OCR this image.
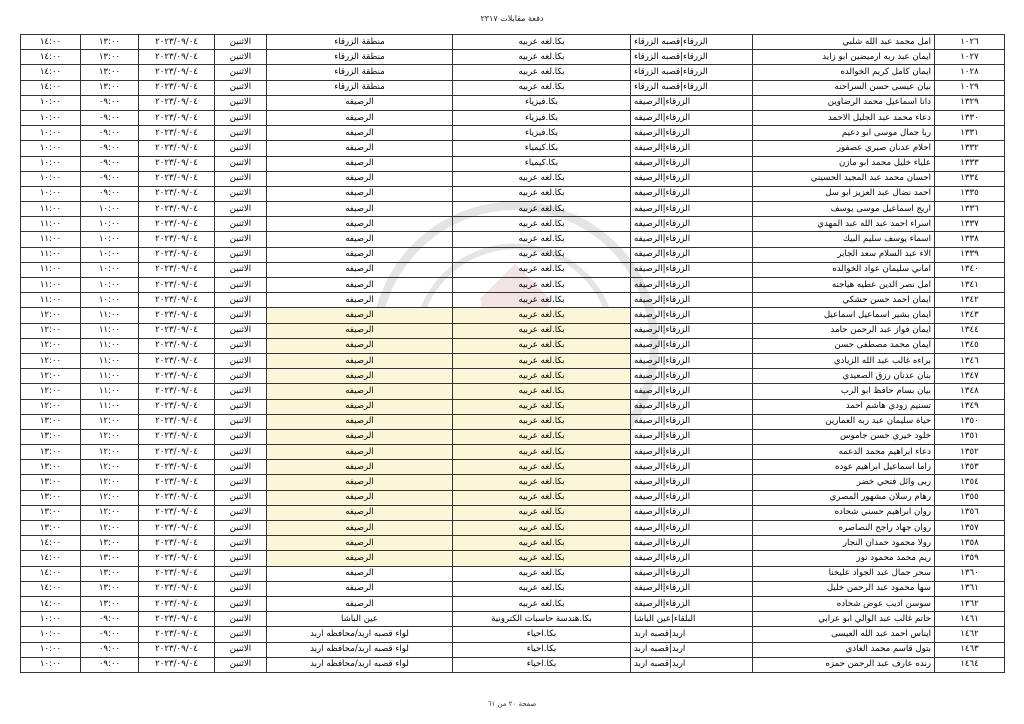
دفعة مقابلات ٢٣١٧
١٤:٠٠	١٣:٠٠	٢٠٢٣/٠٩/٠٤	الاثنين	منطقة الزرقاء	بكا.لغه عربيه	الزرقاء|قصبه الزرقاء	امل محمد عبد الله شلبي	١٠٢٦
١٤:٠٠	١٣:٠٠	٢٠٢٣/٠٩/٠٤	الاثنين	منطقة الزرقاء	بكا.لغه عربيه	الزرقاء|قصبه الزرقاء	ايمان عبد ربه ارميضين ابو زايد	١٠٢٧
١٤:٠٠	١٣:٠٠	٢٠٢٣/٠٩/٠٤	الاثنين	منطقة الزرقاء	بكا.لغه عربيه	الزرقاء|قصبه الزرقاء	ايمان كامل كريم الخوالده	١٠٢٨
١٤:٠٠	١٣:٠٠	٢٠٢٣/٠٩/٠٤	الاثنين	منطقة الزرقاء	بكا.لغه عربيه	الزرقاء|قصبه الزرقاء	بيان عيسى حسن السراحنه	١٠٢٩
١٠:٠٠	٠٩:٠٠	٢٠٢٣/٠٩/٠٤	الاثنين	الرصيفه	بكا.فيزياء	الزرقاء|الرصيفه	دانا اسماعيل محمد الرضاوين	١٣٢٩
١٠:٠٠	٠٩:٠٠	٢٠٢٣/٠٩/٠٤	الاثنين	الرصيفه	بكا.فيزياء	الزرقاء|الرصيفه	دعاء محمد عبد الجليل الاحمد	١٣٣٠
١٠:٠٠	٠٩:٠٠	٢٠٢٣/٠٩/٠٤	الاثنين	الرصيفه	بكا.فيزياء	الزرقاء|الرصيفه	ربا جمال موسى ابو دعيم	١٣٣١
١٠:٠٠	٠٩:٠٠	٢٠٢٣/٠٩/٠٤	الاثنين	الرصيفه	بكا.كيمياء	الزرقاء|الرصيفه	احلام عدنان صبري عصفور	١٣٣٢
١٠:٠٠	٠٩:٠٠	٢٠٢٣/٠٩/٠٤	الاثنين	الرصيفه	بكا.كيمياء	الزرقاء|الرصيفه	علياء خليل محمد ابو مازن	١٣٣٣
١٠:٠٠	٠٩:٠٠	٢٠٢٣/٠٩/٠٤	الاثنين	الرصيفه	بكا.لغه عربيه	الزرقاء|الرصيفه	احسان محمد عبد المجيد الحسيني	١٣٣٤
١٠:٠٠	٠٩:٠٠	٢٠٢٣/٠٩/٠٤	الاثنين	الرصيفه	بكا.لغه عربيه	الزرقاء|الرصيفه	احمد نضال عبد العزيز ابو سل	١٣٣٥
١١:٠٠	١٠:٠٠	٢٠٢٣/٠٩/٠٤	الاثنين	الرصيفه	بكا.لغه عربيه	الزرقاء|الرصيفه	اريج اسماعيل موسى يوسف	١٣٣٦
١١:٠٠	١٠:٠٠	٢٠٢٣/٠٩/٠٤	الاثنين	الرصيفه	بكا.لغه عربيه	الزرقاء|الرصيفه	اسراء احمد عبد الله عبد المهدي	١٣٣٧
١١:٠٠	١٠:٠٠	٢٠٢٣/٠٩/٠٤	الاثنين	الرصيفه	بكا.لغه عربيه	الزرقاء|الرصيفه	اسماء يوسف سليم البيك	١٣٣٨
١١:٠٠	١٠:٠٠	٢٠٢٣/٠٩/٠٤	الاثنين	الرصيفه	بكا.لغه عربيه	الزرقاء|الرصيفه	الاء عبد السلام سعد الجابر	١٣٣٩
١١:٠٠	١٠:٠٠	٢٠٢٣/٠٩/٠٤	الاثنين	الرصيفه	بكا.لغه عربيه	الزرقاء|الرصيفه	اماني سليمان عواد الخوالده	١٣٤٠
١١:٠٠	١٠:٠٠	٢٠٢٣/٠٩/٠٤	الاثنين	الرصيفه	بكا.لغه عربيه	الزرقاء|الرصيفه	امل نصر الدين عطيه هياجنه	١٣٤١
١١:٠٠	١٠:٠٠	٢٠٢٣/٠٩/٠٤	الاثنين	الرصيفه	بكا.لغه عربيه	الزرقاء|الرصيفه	ايمان احمد حسن حشكي	١٣٤٢
١٢:٠٠	١١:٠٠	٢٠٢٣/٠٩/٠٤	الاثنين	الرصيفه	بكا.لغه عربيه	الزرقاء|الرصيفه	ايمان بشير اسماعيل اسماعيل	١٣٤٣
١٢:٠٠	١١:٠٠	٢٠٢٣/٠٩/٠٤	الاثنين	الرصيفه	بكا.لغه عربيه	الزرقاء|الرصيفه	ايمان فواز عبد الرحمن حامد	١٣٤٤
١٢:٠٠	١١:٠٠	٢٠٢٣/٠٩/٠٤	الاثنين	الرصيفه	بكا.لغه عربيه	الزرقاء|الرصيفه	ايمان محمد مصطفى حسن	١٣٤٥
١٢:٠٠	١١:٠٠	٢٠٢٣/٠٩/٠٤	الاثنين	الرصيفه	بكا.لغه عربيه	الزرقاء|الرصيفه	براءه غالب عبد الله الزيادي	١٣٤٦
١٢:٠٠	١١:٠٠	٢٠٢٣/٠٩/٠٤	الاثنين	الرصيفه	بكا.لغه عربيه	الزرقاء|الرصيفه	بنان عدنان رزق الصعيدي	١٣٤٧
١٢:٠٠	١١:٠٠	٢٠٢٣/٠٩/٠٤	الاثنين	الرصيفه	بكا.لغه عربيه	الزرقاء|الرصيفه	بيان بسام حافظ ابو الرب	١٣٤٨
١٢:٠٠	١١:٠٠	٢٠٢٣/٠٩/٠٤	الاثنين	الرصيفه	بكا.لغه عربيه	الزرقاء|الرصيفه	تسنيم زودي هاشم احمد	١٣٤٩
١٣:٠٠	١٢:٠٠	٢٠٢٣/٠٩/٠٤	الاثنين	الرصيفه	بكا.لغه عربيه	الزرقاء|الرصيفه	حياة سليمان عبد ربه العمارين	١٣٥٠
١٣:٠٠	١٢:٠٠	٢٠٢٣/٠٩/٠٤	الاثنين	الرصيفه	بكا.لغه عربيه	الزرقاء|الرصيفه	خلود خيري حسن جاموس	١٣٥١
١٣:٠٠	١٢:٠٠	٢٠٢٣/٠٩/٠٤	الاثنين	الرصيفه	بكا.لغه عربيه	الزرقاء|الرصيفه	دعاء ابراهيم محمد الدعمه	١٣٥٢
١٣:٠٠	١٢:٠٠	٢٠٢٣/٠٩/٠٤	الاثنين	الرصيفه	بكا.لغه عربيه	الزرقاء|الرصيفه	راما اسماعيل ابراهيم عوده	١٣٥٣
١٣:٠٠	١٢:٠٠	٢٠٢٣/٠٩/٠٤	الاثنين	الرصيفه	بكا.لغه عربيه	الزرقاء|الرصيفه	ربى وائل فتحي خضر	١٣٥٤
١٣:٠٠	١٢:٠٠	٢٠٢٣/٠٩/٠٤	الاثنين	الرصيفه	بكا.لغه عربيه	الزرقاء|الرصيفه	رهام رسلان مشهور المصري	١٣٥٥
١٣:٠٠	١٢:٠٠	٢٠٢٣/٠٩/٠٤	الاثنين	الرصيفه	بكا.لغه عربيه	الزرقاء|الرصيفه	روان ابراهيم حسني شحاده	١٣٥٦
١٣:٠٠	١٢:٠٠	٢٠٢٣/٠٩/٠٤	الاثنين	الرصيفه	بكا.لغه عربيه	الزرقاء|الرصيفه	روان جهاد راجح النصاصره	١٣٥٧
١٤:٠٠	١٣:٠٠	٢٠٢٣/٠٩/٠٤	الاثنين	الرصيفه	بكا.لغه عربيه	الزرقاء|الرصيفه	رولا محمود حمدان النجار	١٣٥٨
١٤:٠٠	١٣:٠٠	٢٠٢٣/٠٩/٠٤	الاثنين	الرصيفه	بكا.لغه عربيه	الزرقاء|الرصيفه	ريم محمد محمود نور	١٣٥٩
١٤:٠٠	١٣:٠٠	٢٠٢٣/٠٩/٠٤	الاثنين	الرصيفه	بكا.لغه عربيه	الزرقاء|الرصيفه	سحر جمال عبد الجواد عليخنا	١٣٦٠
١٤:٠٠	١٣:٠٠	٢٠٢٣/٠٩/٠٤	الاثنين	الرصيفه	بكا.لغه عربيه	الزرقاء|الرصيفه	سها محمود عبد الرحمن خليل	١٣٦١
١٤:٠٠	١٣:٠٠	٢٠٢٣/٠٩/٠٤	الاثنين	الرصيفه	بكا.لغه عربيه	الزرقاء|الرصيفه	سوسن اديب عوض شحاده	١٣٦٢
١٠:٠٠	٠٩:٠٠	٢٠٢٣/٠٩/٠٤	الاثنين	عين الباشا	بكا.هندسة حاسبات الكترونية	البلقاء|عين الباشا	حاتم غالب عبد الوالي ابو عرابي	١٤٦١
١٠:٠٠	٠٩:٠٠	٢٠٢٣/٠٩/٠٤	الاثنين	لواء قصبه اربد/محافظه اربد	بكا.احياء	اربد|قصبه اربد	ايناس احمد عبد الله العيسى	١٤٦٢
١٠:٠٠	٠٩:٠٠	٢٠٢٣/٠٩/٠٤	الاثنين	لواء قصبه اربد/محافظه اربد	بكا.احياء	اربد|قصبه اربد	بتول قاسم محمد الغادي	١٤٦٣
١٠:٠٠	٠٩:٠٠	٢٠٢٣/٠٩/٠٤	الاثنين	لواء قصبه اربد/محافظه اربد	بكا.احياء	اربد|قصبه اربد	رنده عارف عبد الرحمن حمزه	١٤٦٤
صفحة ٢٠ من ٦١
